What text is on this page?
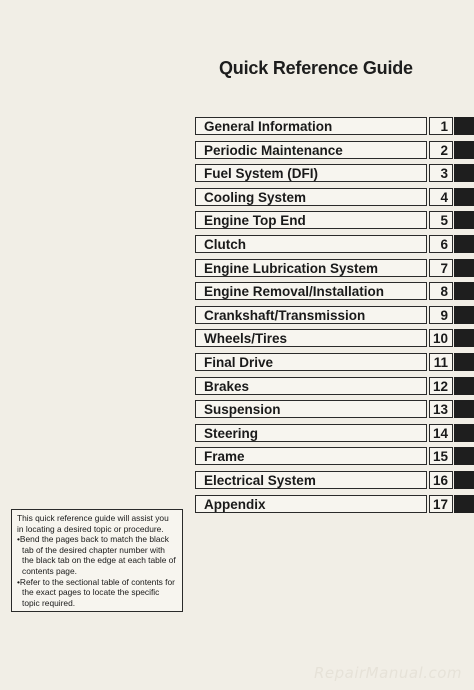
Quick Reference Guide
General Information	1
Periodic Maintenance	2
Fuel System (DFI)	3
Cooling System	4
Engine Top End	5
Clutch	6
Engine Lubrication System	7
Engine Removal/Installation	8
Crankshaft/Transmission	9
Wheels/Tires	10
Final Drive	11
Brakes	12
Suspension	13
Steering	14
Frame	15
Electrical System	16
Appendix	17

This quick reference guide will assist you in locating a desired topic or procedure.

•Bend the pages back to match the black tab of the desired chapter number with the black tab on the edge at each table of contents page.

•Refer to the sectional table of contents for the exact pages to locate the specific topic required.

RepairManual.com
